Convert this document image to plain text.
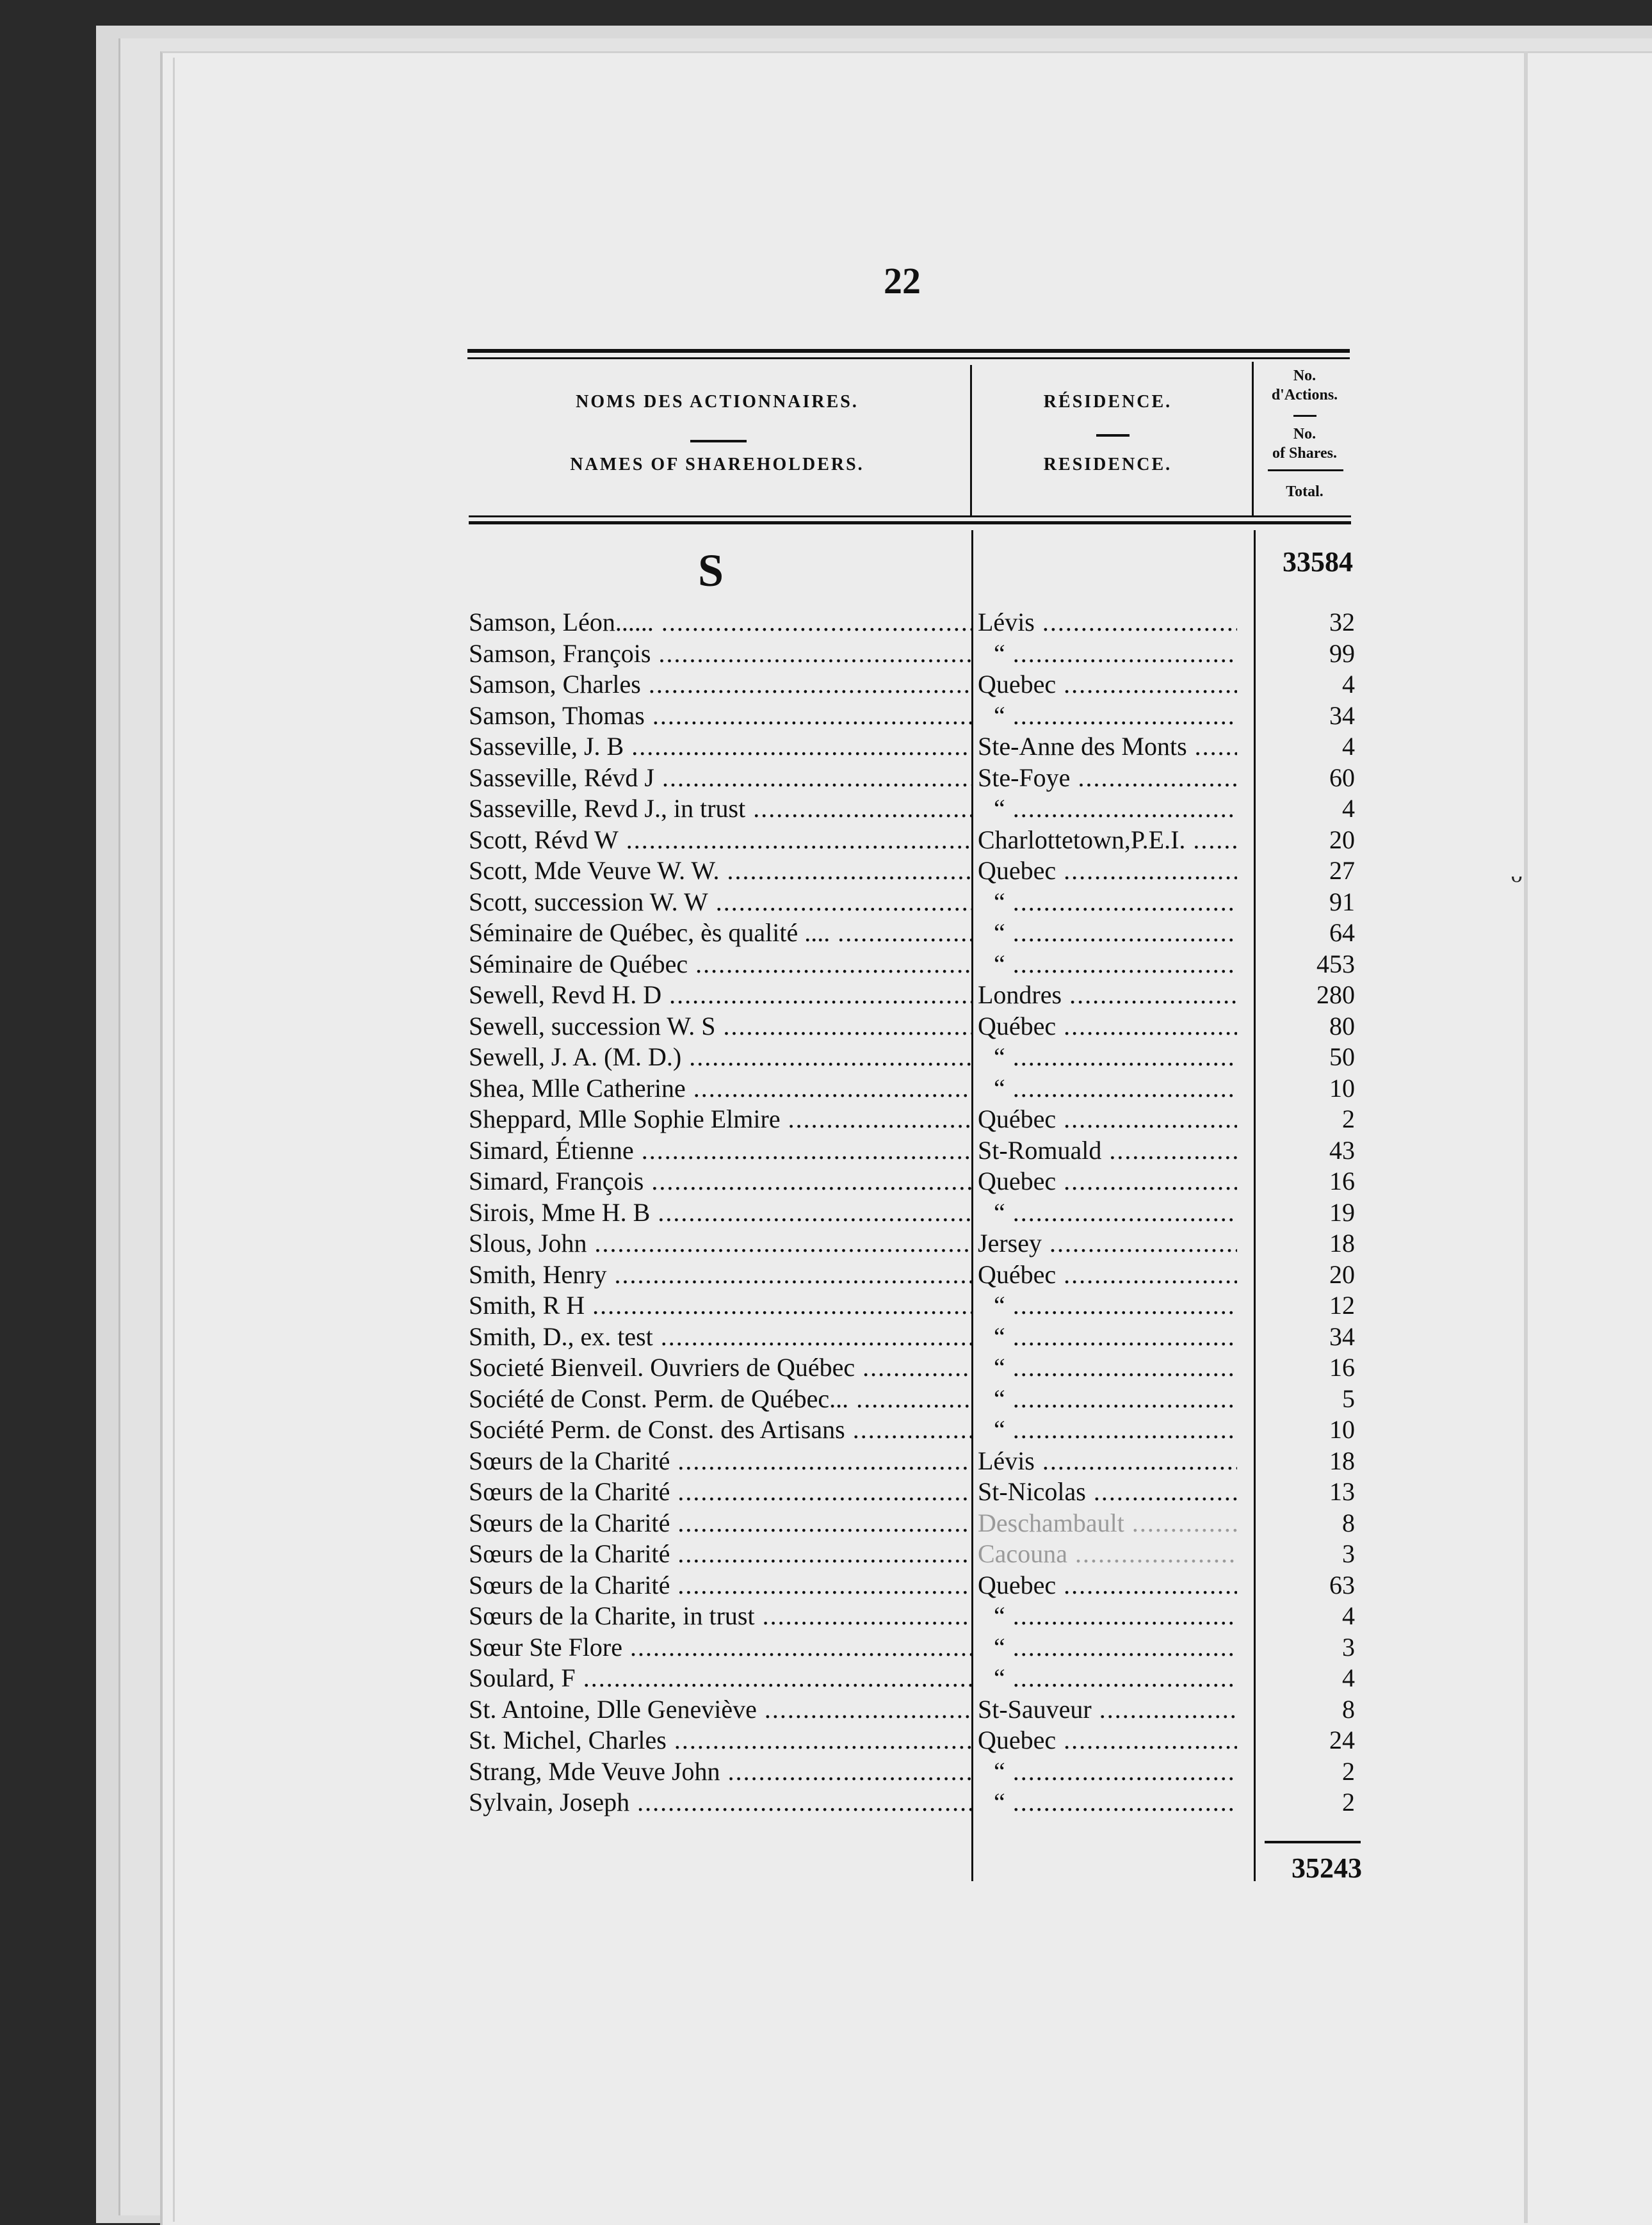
22
NOMS DES ACTIONNAIRES.
NAMES OF SHAREHOLDERS.
RÉSIDENCE.
RESIDENCE.
No.
d'Actions.
No.
of Shares.
Total.
S	33584
Samson, Léon...... .....	Lévis .....	32
Samson, François .....	“ .....	99
Samson, Charles .....	Quebec .....	4
Samson, Thomas .....	“ .....	34
Sasseville, J. B .....	Ste-Anne des Monts .....	4
Sasseville, Révd J .....	Ste-Foye .....	60
Sasseville, Revd J., in trust .....	“ .....	4
Scott, Révd W .....	Charlottetown,P.E.I. .....	20
Scott, Mde Veuve W. W. .....	Quebec .....	27
Scott, succession W. W .....	“ .....	91
Séminaire de Québec, ès qualité .... .....	“ .....	64
Séminaire de Québec .....	“ .....	453
Sewell, Revd H. D .....	Londres .....	280
Sewell, succession W. S .....	Québec .....	80
Sewell, J. A. (M. D.) .....	“ .....	50
Shea, Mlle Catherine .....	“ .....	10
Sheppard, Mlle Sophie Elmire .....	Québec .....	2
Simard, Étienne .....	St-Romuald .....	43
Simard, François .....	Quebec .....	16
Sirois, Mme H. B .....	“ .....	19
Slous, John .....	Jersey .....	18
Smith, Henry .....	Québec .....	20
Smith, R H .....	“ .....	12
Smith, D., ex. test .....	“ .....	34
Societé Bienveil. Ouvriers de Québec .....	“ .....	16
Société de Const. Perm. de Québec... .....	“ .....	5
Société Perm. de Const. des Artisans .....	“ .....	10
Sœurs de la Charité .....	Lévis .....	18
Sœurs de la Charité .....	St-Nicolas .....	13
Sœurs de la Charité .....	Deschambault .....	8
Sœurs de la Charité .....	Cacouna .....	3
Sœurs de la Charité .....	Quebec .....	63
Sœurs de la Charite, in trust .....	“ .....	4
Sœur Ste Flore .....	“ .....	3
Soulard, F .....	“ .....	4
St. Antoine, Dlle Geneviève .....	St-Sauveur .....	8
St. Michel, Charles .....	Quebec .....	24
Strang, Mde Veuve John .....	“ .....	2
Sylvain, Joseph .....	“ .....	2
35243
ᵕ
